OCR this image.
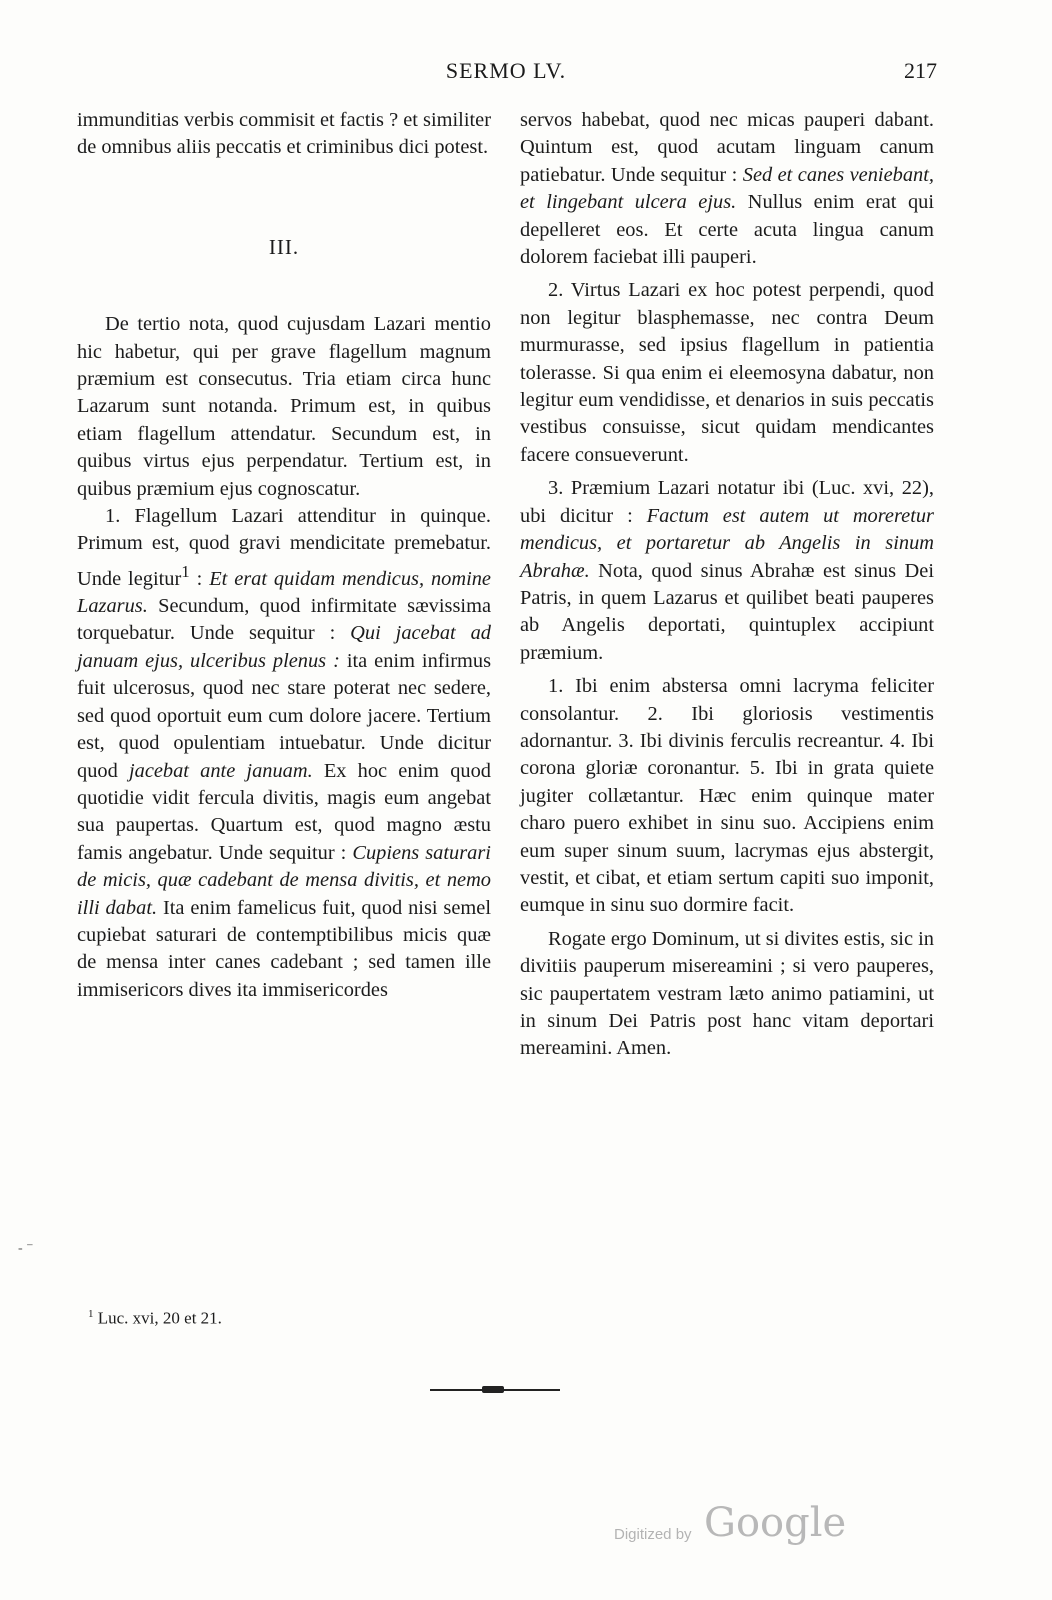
SERMO LV.	217

immunditias verbis commisit et factis ? et similiter de omnibus aliis peccatis et criminibus dici potest.

III.

De tertio nota, quod cujusdam Lazari mentio hic habetur, qui per grave flagellum magnum præmium est consecutus. Tria etiam circa hunc Lazarum sunt notanda. Primum est, in quibus etiam flagellum attendatur. Secundum est, in quibus virtus ejus perpendatur. Tertium est, in quibus præmium ejus cognoscatur.

1. Flagellum Lazari attenditur in quinque. Primum est, quod gravi mendicitate premebatur. Unde legitur$^1$ : Et erat quidam mendicus, nomine Lazarus. Secundum, quod infirmitate sævissima torquebatur. Unde sequitur : Qui jacebat ad januam ejus, ulceribus plenus : ita enim infirmus fuit ulcerosus, quod nec stare poterat nec sedere, sed quod oportuit eum cum dolore jacere. Tertium est, quod opulentiam intuebatur. Unde dicitur quod jacebat ante januam. Ex hoc enim quod quotidie vidit fercula divitis, magis eum angebat sua paupertas. Quartum est, quod magno æstu famis angebatur. Unde sequitur : Cupiens saturari de micis, quæ cadebant de mensa divitis, et nemo illi dabat. Ita enim famelicus fuit, quod nisi semel cupiebat saturari de contemptibilibus micis quæ de mensa inter canes cadebant ; sed tamen ille immisericors dives ita immisericordes

servos habebat, quod nec micas pauperi dabant. Quintum est, quod acutam linguam canum patiebatur. Unde sequitur : Sed et canes veniebant, et lingebant ulcera ejus. Nullus enim erat qui depelleret eos. Et certe acuta lingua canum dolorem faciebat illi pauperi.

2. Virtus Lazari ex hoc potest perpendi, quod non legitur blasphemasse, nec contra Deum murmurasse, sed ipsius flagellum in patientia tolerasse. Si qua enim ei eleemosyna dabatur, non legitur eum vendidisse, et denarios in suis peccatis vestibus consuisse, sicut quidam mendicantes facere consueverunt.

3. Præmium Lazari notatur ibi (Luc. xvi, 22), ubi dicitur : Factum est autem ut moreretur mendicus, et portaretur ab Angelis in sinum Abrahæ. Nota, quod sinus Abrahæ est sinus Dei Patris, in quem Lazarus et quilibet beati pauperes ab Angelis deportati, quintuplex accipiunt præmium.

1. Ibi enim abstersa omni lacryma feliciter consolantur. 2. Ibi gloriosis vestimentis adornantur. 3. Ibi divinis ferculis recreantur. 4. Ibi corona gloriæ coronantur. 5. Ibi in grata quiete jugiter collætantur. Hæc enim quinque mater charo puero exhibet in sinu suo. Accipiens enim eum super sinum suum, lacrymas ejus abstergit, vestit, et cibat, et etiam sertum capiti suo imponit, eumque in sinu suo dormire facit.

Rogate ergo Dominum, ut si divites estis, sic in divitiis pauperum misereamini ; si vero pauperes, sic paupertatem vestram læto animo patiamini, ut in sinum Dei Patris post hanc vitam deportari mereamini. Amen.

- ⁻
$^1$ Luc. xvi, 20 et 21.
Digitized by Google
